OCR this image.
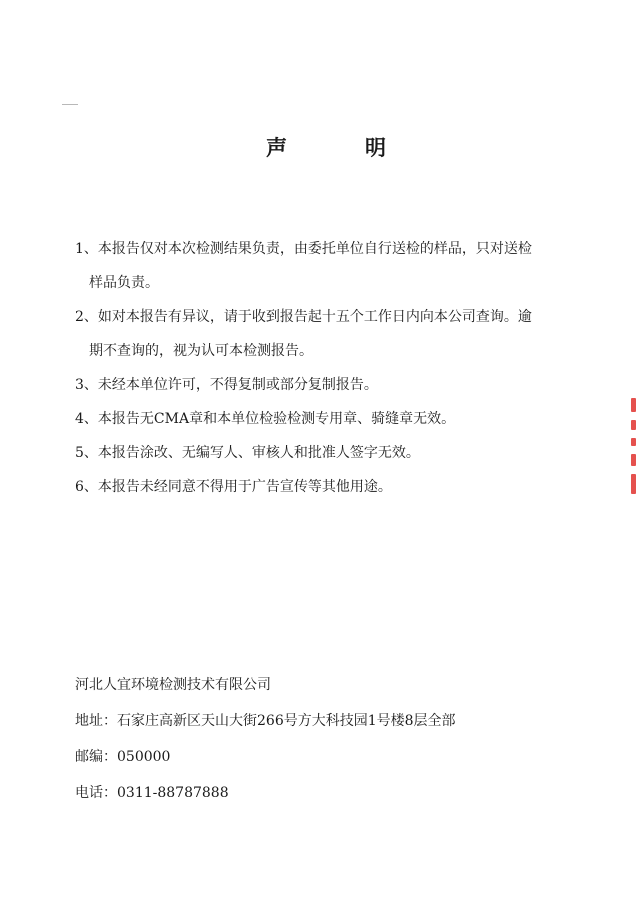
声	明
1、本报告仅对本次检测结果负责，由委托单位自行送检的样品，只对送检
样品负责。
2、如对本报告有异议，请于收到报告起十五个工作日内向本公司查询。逾
期不查询的，视为认可本检测报告。
3、未经本单位许可，不得复制或部分复制报告。
4、本报告无CMA章和本单位检验检测专用章、骑缝章无效。
5、本报告涂改、无编写人、审核人和批准人签字无效。
6、本报告未经同意不得用于广告宣传等其他用途。
河北人宜环境检测技术有限公司
地址：石家庄高新区天山大街266号方大科技园1号楼8层全部
邮编：050000
电话：0311-88787888
